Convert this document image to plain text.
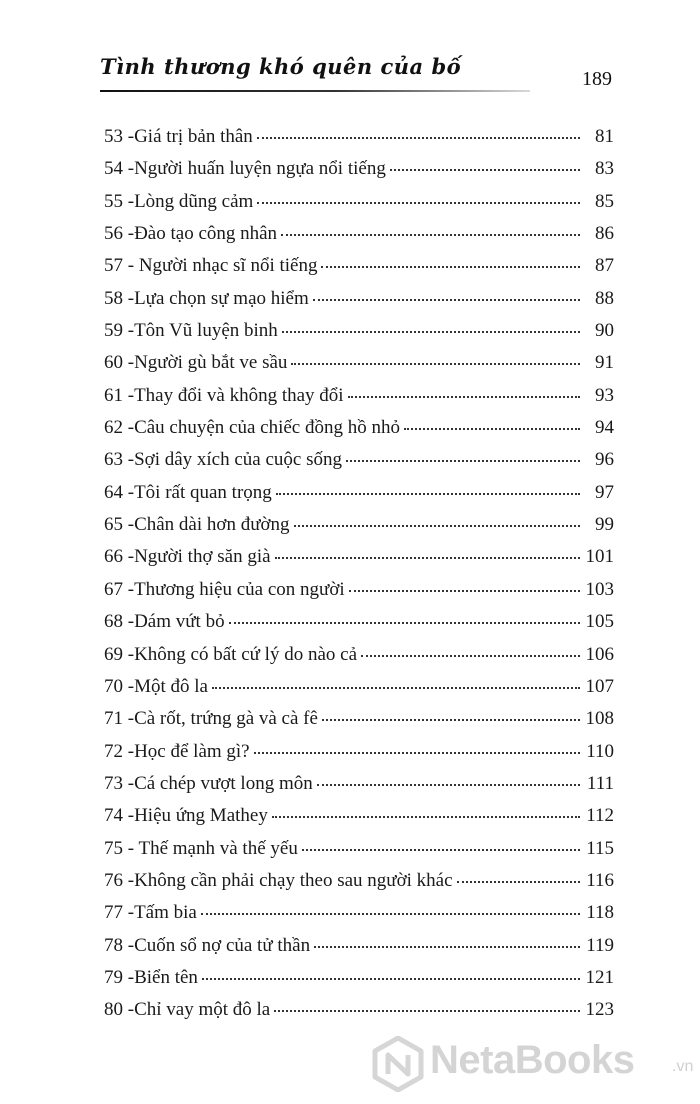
Tình thương khó quên của bố	189
53 -Giá trị bản thân	81
54 -Người huấn luyện ngựa nổi tiếng	83
55 -Lòng dũng cảm	85
56 -Đào tạo công nhân	86
57 - Người nhạc sĩ nổi tiếng	87
58 -Lựa chọn sự mạo hiểm	88
59 -Tôn Vũ luyện binh	90
60 -Người gù bắt ve sầu	91
61 -Thay đổi và không thay đổi	93
62 -Câu chuyện của chiếc đồng hồ nhỏ	94
63 -Sợi dây xích của cuộc sống	96
64 -Tôi rất quan trọng	97
65 -Chân dài hơn đường	99
66 -Người thợ săn già	101
67 -Thương hiệu của con người	103
68 -Dám vứt bỏ	105
69 -Không có bất cứ lý do nào cả	106
70 -Một đô la	107
71 -Cà rốt, trứng gà và cà fê	108
72 -Học để làm gì?	110
73 -Cá chép vượt long môn	111
74 -Hiệu ứng Mathey	112
75 - Thế mạnh và thế yếu	115
76 -Không cần phải chạy theo sau người khác	116
77 -Tấm bia	118
78 -Cuốn sổ nợ của tử thần	119
79 -Biển tên	121
80 -Chỉ vay một đô la	123
NetaBooks .vn
